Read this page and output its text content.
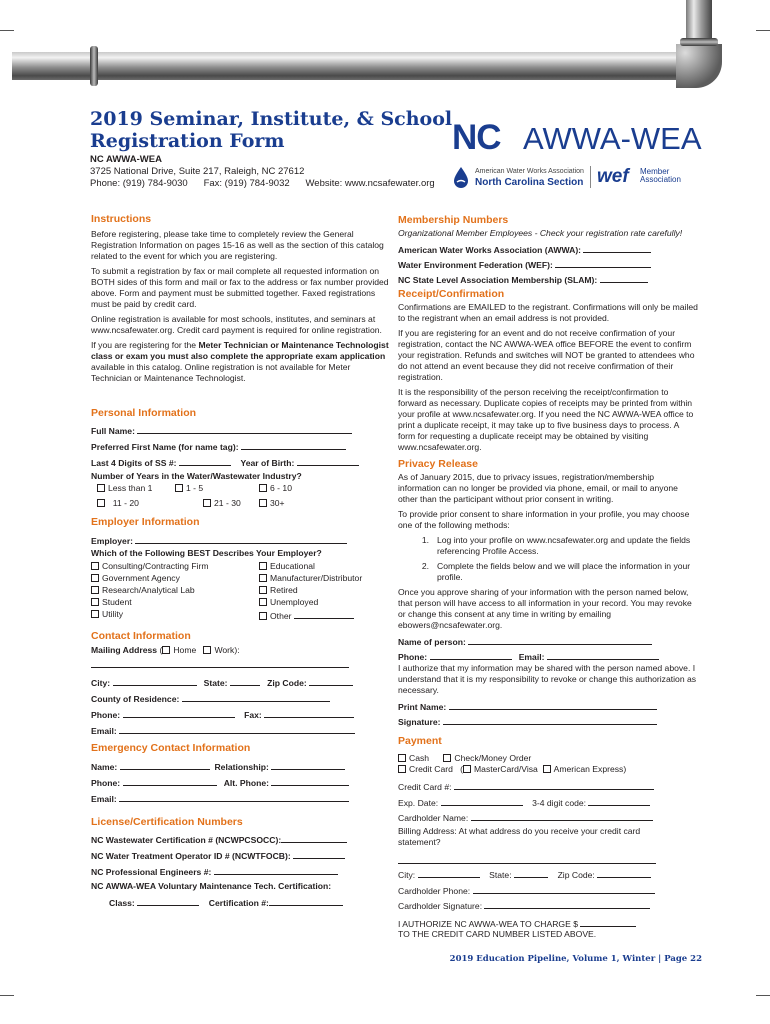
2019 Seminar, Institute, & School
Registration Form
NC AWWA-WEA
3725 National Drive, Suite 217, Raleigh, NC 27612
Phone: (919) 784-9030 Fax: (919) 784-9032 Website: www.ncsafewater.org
NC AWWA-WEA
American Water Works Association
North Carolina Section wef Member
Association

Instructions

Before registering, please take time to completely review the General Registration Information on pages 15-16 as well as the section of this catalog related to the event for which you are registering.

To submit a registration by fax or mail complete all requested information on BOTH sides of this form and mail or fax to the address or fax number provided above. Form and payment must be submitted together. Faxed registrations must be paid by credit card.

Online registration is available for most schools, institutes, and seminars at www.ncsafewater.org. Credit card payment is required for online registration.

If you are registering for the Meter Technician or Maintenance Technologist class or exam you must also complete the appropriate exam application available in this catalog. Online registration is not available for Meter Technician or Maintenance Technologist.

Personal Information

Full Name:
Preferred First Name (for name tag):
Last 4 Digits of SS #:	Year of Birth:
Number of Years in the Water/Wastewater Industry?
Less than 1	1 - 5	6 - 10
11 - 20	21 - 30	30+

Employer Information

Employer:
Which of the Following BEST Describes Your Employer?
Consulting/Contracting Firm
Government Agency
Research/Analytical Lab
Student
Utility
Educational
Manufacturer/Distributor
Retired
Unemployed
Other

Contact Information

Mailing Address ( Home Work):
City:	State:	Zip Code:
County of Residence:
Phone:	Fax:
Email:

Emergency Contact Information

Name:	Relationship:
Phone:	Alt. Phone:
Email:

License/Certification Numbers

NC Wastewater Certification # (NCWPCSOCC):
NC Water Treatment Operator ID # (NCWTFOCB):
NC Professional Engineers #:
NC AWWA-WEA Voluntary Maintenance Tech. Certification:
Class:	Certification #:

Membership Numbers

Organizational Member Employees - Check your registration rate carefully!
American Water Works Association (AWWA):
Water Environment Federation (WEF):
NC State Level Association Membership (SLAM):

Receipt/Confirmation

Confirmations are EMAILED to the registrant. Confirmations will only be mailed to the registrant when an email address is not provided.

If you are registering for an event and do not receive confirmation of your registration, contact the NC AWWA-WEA office BEFORE the event to confirm your registration. Refunds and switches will NOT be granted to attendees who do not attend an event because they did not receive confirmation of their registration.

It is the responsibility of the person receiving the receipt/confirmation to forward as necessary. Duplicate copies of receipts may be printed from within your profile at www.ncsafewater.org. If you need the NC AWWA-WEA office to print a duplicate receipt, it may take up to five business days to process. A form for requesting a duplicate receipt may be obtained by visiting www.ncsafewater.org.

Privacy Release

As of January 2015, due to privacy issues, registration/membership information can no longer be provided via phone, email, or mail to anyone other than the participant without prior consent in writing.

To provide prior consent to share information in your profile, you may choose one of the following methods:

1. Log into your profile on www.ncsafewater.org and update the fields referencing Profile Access.
2. Complete the fields below and we will place the information in your profile.

Once you approve sharing of your information with the person named below, that person will have access to all information in your record. You may revoke or change this consent at any time in writing by emailing ebowers@ncsafewater.org.

Name of person:
Phone:	Email:

I authorize that my information may be shared with the person named above. I understand that it is my responsibility to revoke or change this authorization as necessary.

Print Name:
Signature:

Payment

Cash	Check/Money Order
Credit Card ( MasterCard/Visa American Express)
Credit Card #:
Exp. Date:	3-4 digit code:
Cardholder Name:

Billing Address: At what address do you receive your credit card statement?

City:	State:	Zip Code:
Cardholder Phone:
Cardholder Signature:
I AUTHORIZE NC AWWA-WEA TO CHARGE $
TO THE CREDIT CARD NUMBER LISTED ABOVE.
2019 Education Pipeline, Volume 1, Winter | Page 22
